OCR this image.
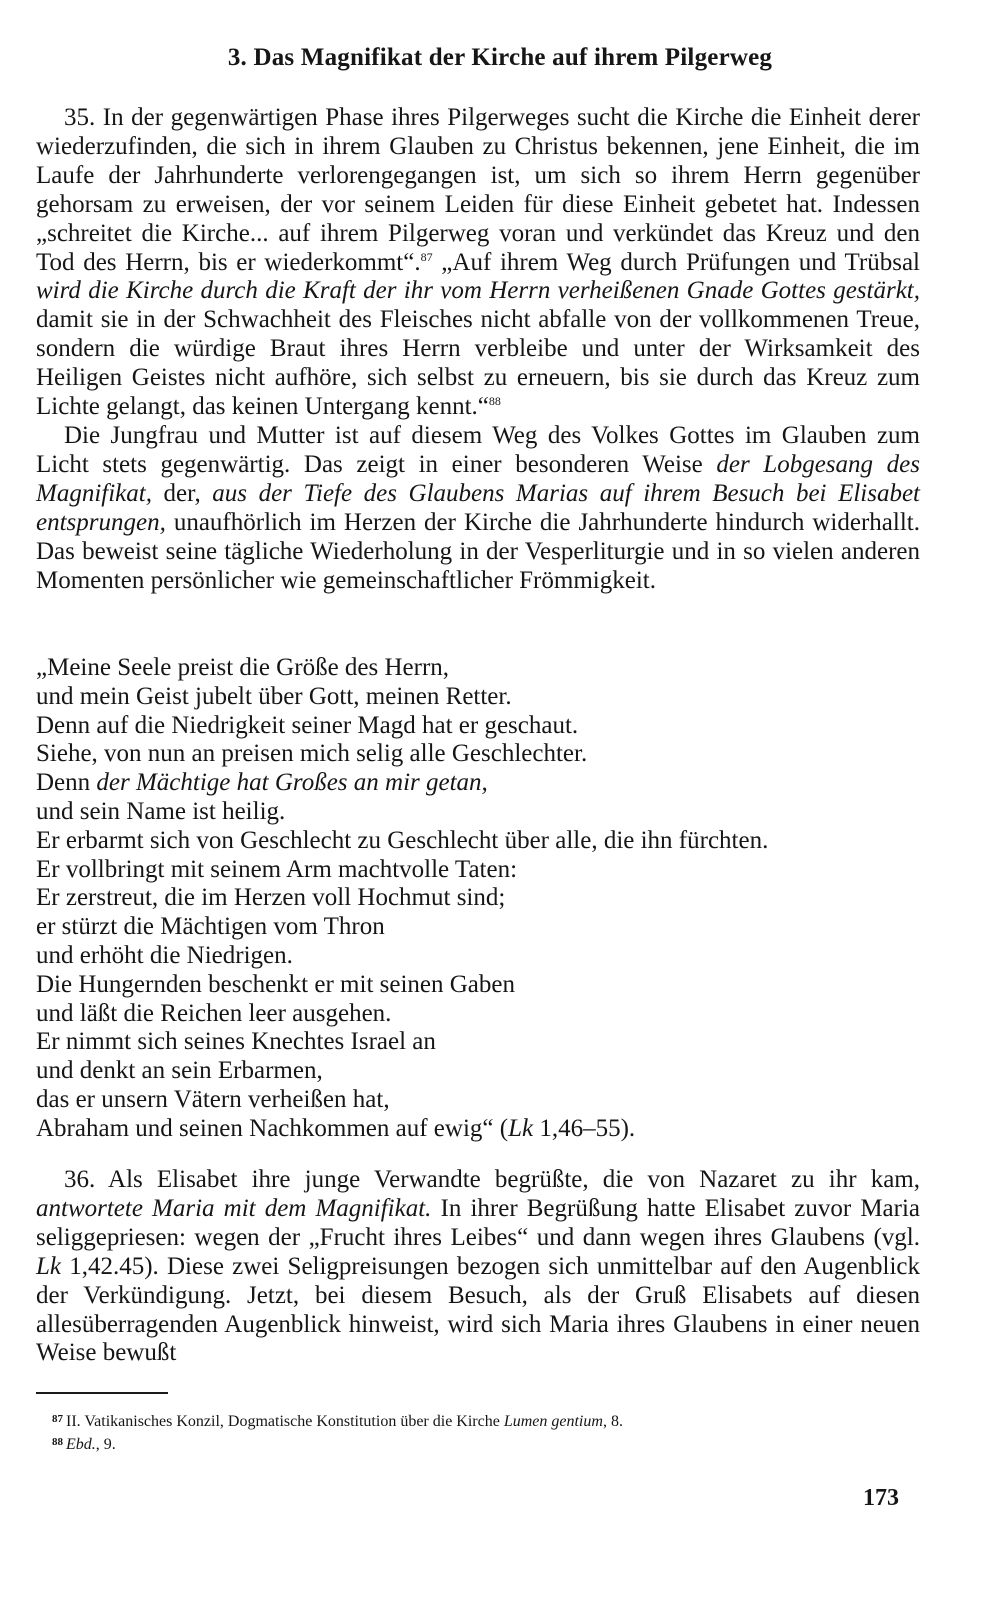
3. Das Magnifikat der Kirche auf ihrem Pilgerweg

35. In der gegenwärtigen Phase ihres Pilgerweges sucht die Kirche die Einheit derer wiederzufinden, die sich in ihrem Glauben zu Christus bekennen, jene Einheit, die im Laufe der Jahrhunderte verlorengegangen ist, um sich so ihrem Herrn gegenüber gehorsam zu erweisen, der vor seinem Leiden für diese Einheit gebetet hat. Indessen „schreitet die Kirche... auf ihrem Pilgerweg voran und verkündet das Kreuz und den Tod des Herrn, bis er wiederkommt“.$^{87}$ „Auf ihrem Weg durch Prüfungen und Trübsal wird die Kirche durch die Kraft der ihr vom Herrn verheißenen Gnade Gottes gestärkt, damit sie in der Schwachheit des Fleisches nicht abfalle von der vollkommenen Treue, sondern die würdige Braut ihres Herrn verbleibe und unter der Wirksamkeit des Heiligen Geistes nicht aufhöre, sich selbst zu erneuern, bis sie durch das Kreuz zum Lichte gelangt, das keinen Untergang kennt.“$^{88}$

Die Jungfrau und Mutter ist auf diesem Weg des Volkes Gottes im Glauben zum Licht stets gegenwärtig. Das zeigt in einer besonderen Weise der Lobgesang des Magnifikat, der, aus der Tiefe des Glaubens Marias auf ihrem Besuch bei Elisabet entsprungen, unaufhörlich im Herzen der Kirche die Jahrhunderte hindurch widerhallt. Das beweist seine tägliche Wiederholung in der Vesperliturgie und in so vielen anderen Momenten persönlicher wie gemeinschaftlicher Frömmigkeit.

„Meine Seele preist die Größe des Herrn,
und mein Geist jubelt über Gott, meinen Retter.
Denn auf die Niedrigkeit seiner Magd hat er geschaut.
Siehe, von nun an preisen mich selig alle Geschlechter.
Denn der Mächtige hat Großes an mir getan,
und sein Name ist heilig.
Er erbarmt sich von Geschlecht zu Geschlecht über alle, die ihn fürchten.
Er vollbringt mit seinem Arm machtvolle Taten:
Er zerstreut, die im Herzen voll Hochmut sind;
er stürzt die Mächtigen vom Thron
und erhöht die Niedrigen.
Die Hungernden beschenkt er mit seinen Gaben
und läßt die Reichen leer ausgehen.
Er nimmt sich seines Knechtes Israel an
und denkt an sein Erbarmen,
das er unsern Vätern verheißen hat,
Abraham und seinen Nachkommen auf ewig“ (Lk 1,46–55).

36. Als Elisabet ihre junge Verwandte begrüßte, die von Nazaret zu ihr kam, antwortete Maria mit dem Magnifikat. In ihrer Begrüßung hatte Elisabet zuvor Maria seliggepriesen: wegen der „Frucht ihres Leibes“ und dann wegen ihres Glaubens (vgl. Lk 1,42.45). Diese zwei Seligpreisungen bezogen sich unmittelbar auf den Augenblick der Verkündigung. Jetzt, bei diesem Besuch, als der Gruß Elisabets auf diesen allesüberragenden Augenblick hinweist, wird sich Maria ihres Glaubens in einer neuen Weise bewußt

87 II. Vatikanisches Konzil, Dogmatische Konstitution über die Kirche Lumen gentium, 8.
88 Ebd., 9.
173
